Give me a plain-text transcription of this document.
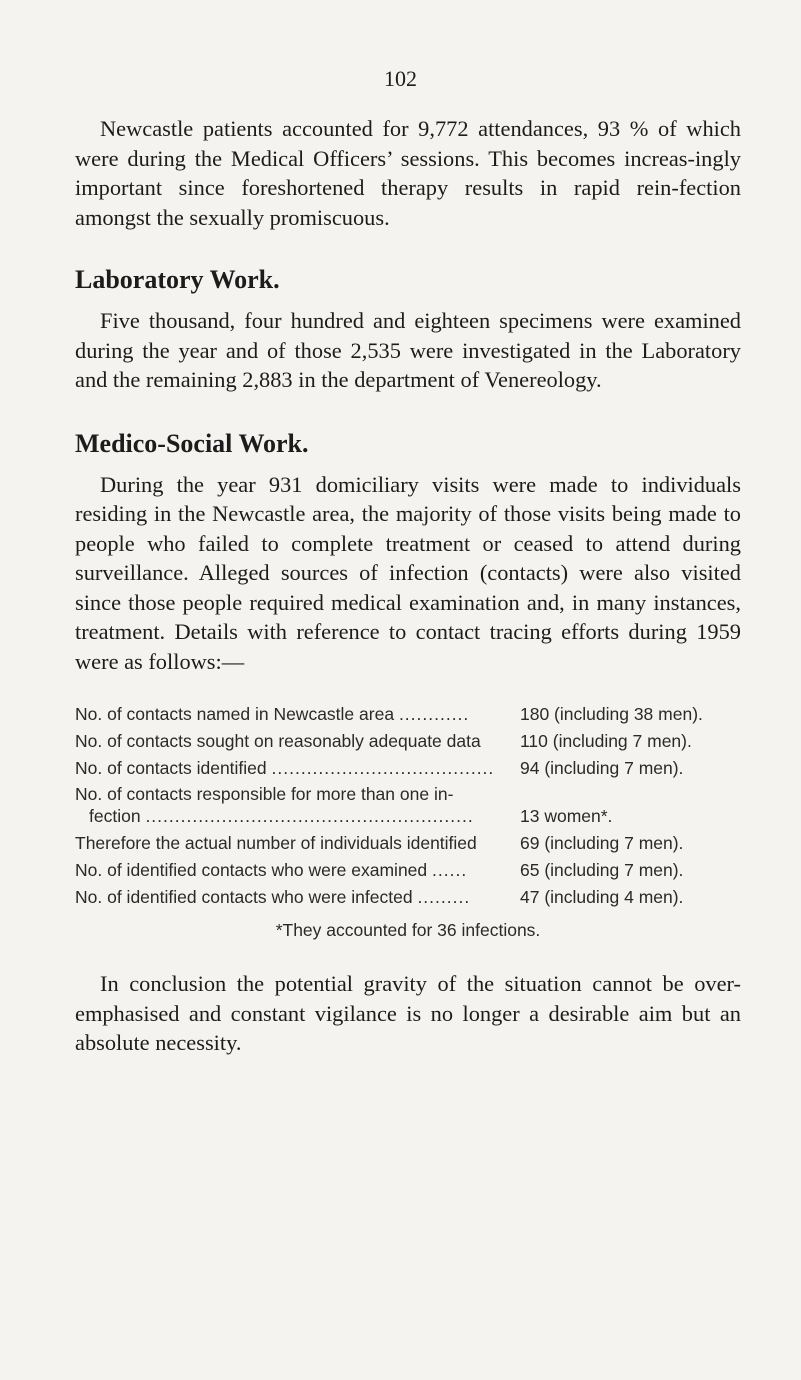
102

Newcastle patients accounted for 9,772 attendances, 93 % of which were during the Medical Officers’ sessions. This becomes increas-ingly important since foreshortened therapy results in rapid rein-fection amongst the sexually promiscuous.

Laboratory Work.

Five thousand, four hundred and eighteen specimens were examined during the year and of those 2,535 were investigated in the Laboratory and the remaining 2,883 in the department of Venereology.

Medico-Social Work.

During the year 931 domiciliary visits were made to individuals residing in the Newcastle area, the majority of those visits being made to people who failed to complete treatment or ceased to attend during surveillance. Alleged sources of infection (contacts) were also visited since those people required medical examination and, in many instances, treatment. Details with reference to contact tracing efforts during 1959 were as follows:—

No. of contacts named in Newcastle area ............	180 (including 38 men).
No. of contacts sought on reasonably adequate data	110 (including 7 men).
No. of contacts identified ......................................	94 (including 7 men).

No. of contacts responsible for more than one in-
fection ........................................................	13 women*.
Therefore the actual number of individuals identified	69 (including 7 men).
No. of identified contacts who were examined ......	65 (including 7 men).
No. of identified contacts who were infected .........	47 (including 4 men).
*They accounted for 36 infections.

In conclusion the potential gravity of the situation cannot be over-emphasised and constant vigilance is no longer a desirable aim but an absolute necessity.
